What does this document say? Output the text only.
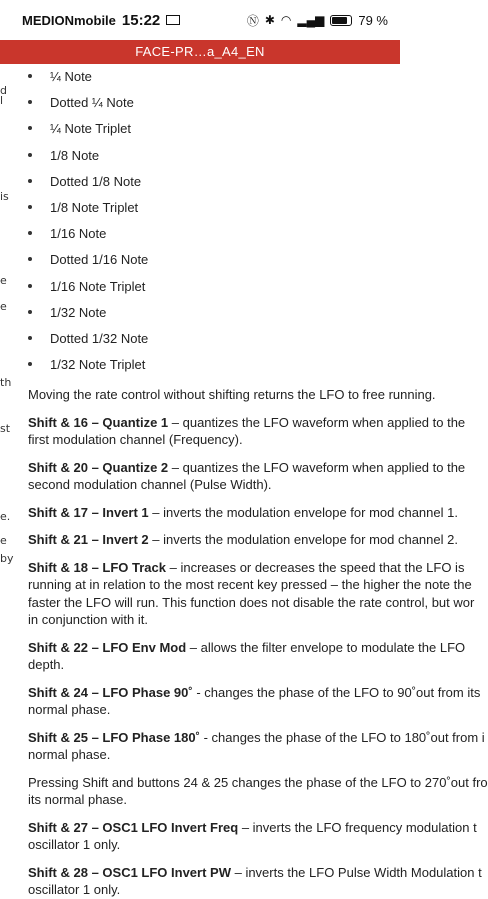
MEDIONmobile 15:22	Ⓝ ✱ ◠ ▂▄▆	79 %
FACE-PR…a_A4_EN
d
l
is
e
e
th
st
e.
e
by
¼ Note
Dotted ¼ Note
¼ Note Triplet
1/8 Note
Dotted 1/8 Note
1/8 Note Triplet
1/16 Note
Dotted 1/16 Note
1/16 Note Triplet
1/32 Note
Dotted 1/32 Note
1/32 Note Triplet

Moving the rate control without shifting returns the LFO to free running.

Shift & 16 – Quantize 1 – quantizes the LFO waveform when applied to the
first modulation channel (Frequency).

Shift & 20 – Quantize 2 – quantizes the LFO waveform when applied to the
second modulation channel (Pulse Width).

Shift & 17 – Invert 1 – inverts the modulation envelope for mod channel 1.

Shift & 21 – Invert 2 – inverts the modulation envelope for mod channel 2.

Shift & 18 – LFO Track – increases or decreases the speed that the LFO is
running at in relation to the most recent key pressed – the higher the note the
faster the LFO will run. This function does not disable the rate control, but wor
in conjunction with it.

Shift & 22 – LFO Env Mod – allows the filter envelope to modulate the LFO
depth.

Shift & 24 – LFO Phase 90˚ - changes the phase of the LFO to 90˚out from its
normal phase.

Shift & 25 – LFO Phase 180˚ - changes the phase of the LFO to 180˚out from i
normal phase.

Pressing Shift and buttons 24 & 25 changes the phase of the LFO to 270˚out fro
its normal phase.

Shift & 27 – OSC1 LFO Invert Freq – inverts the LFO frequency modulation t
oscillator 1 only.

Shift & 28 – OSC1 LFO Invert PW – inverts the LFO Pulse Width Modulation t
oscillator 1 only.
